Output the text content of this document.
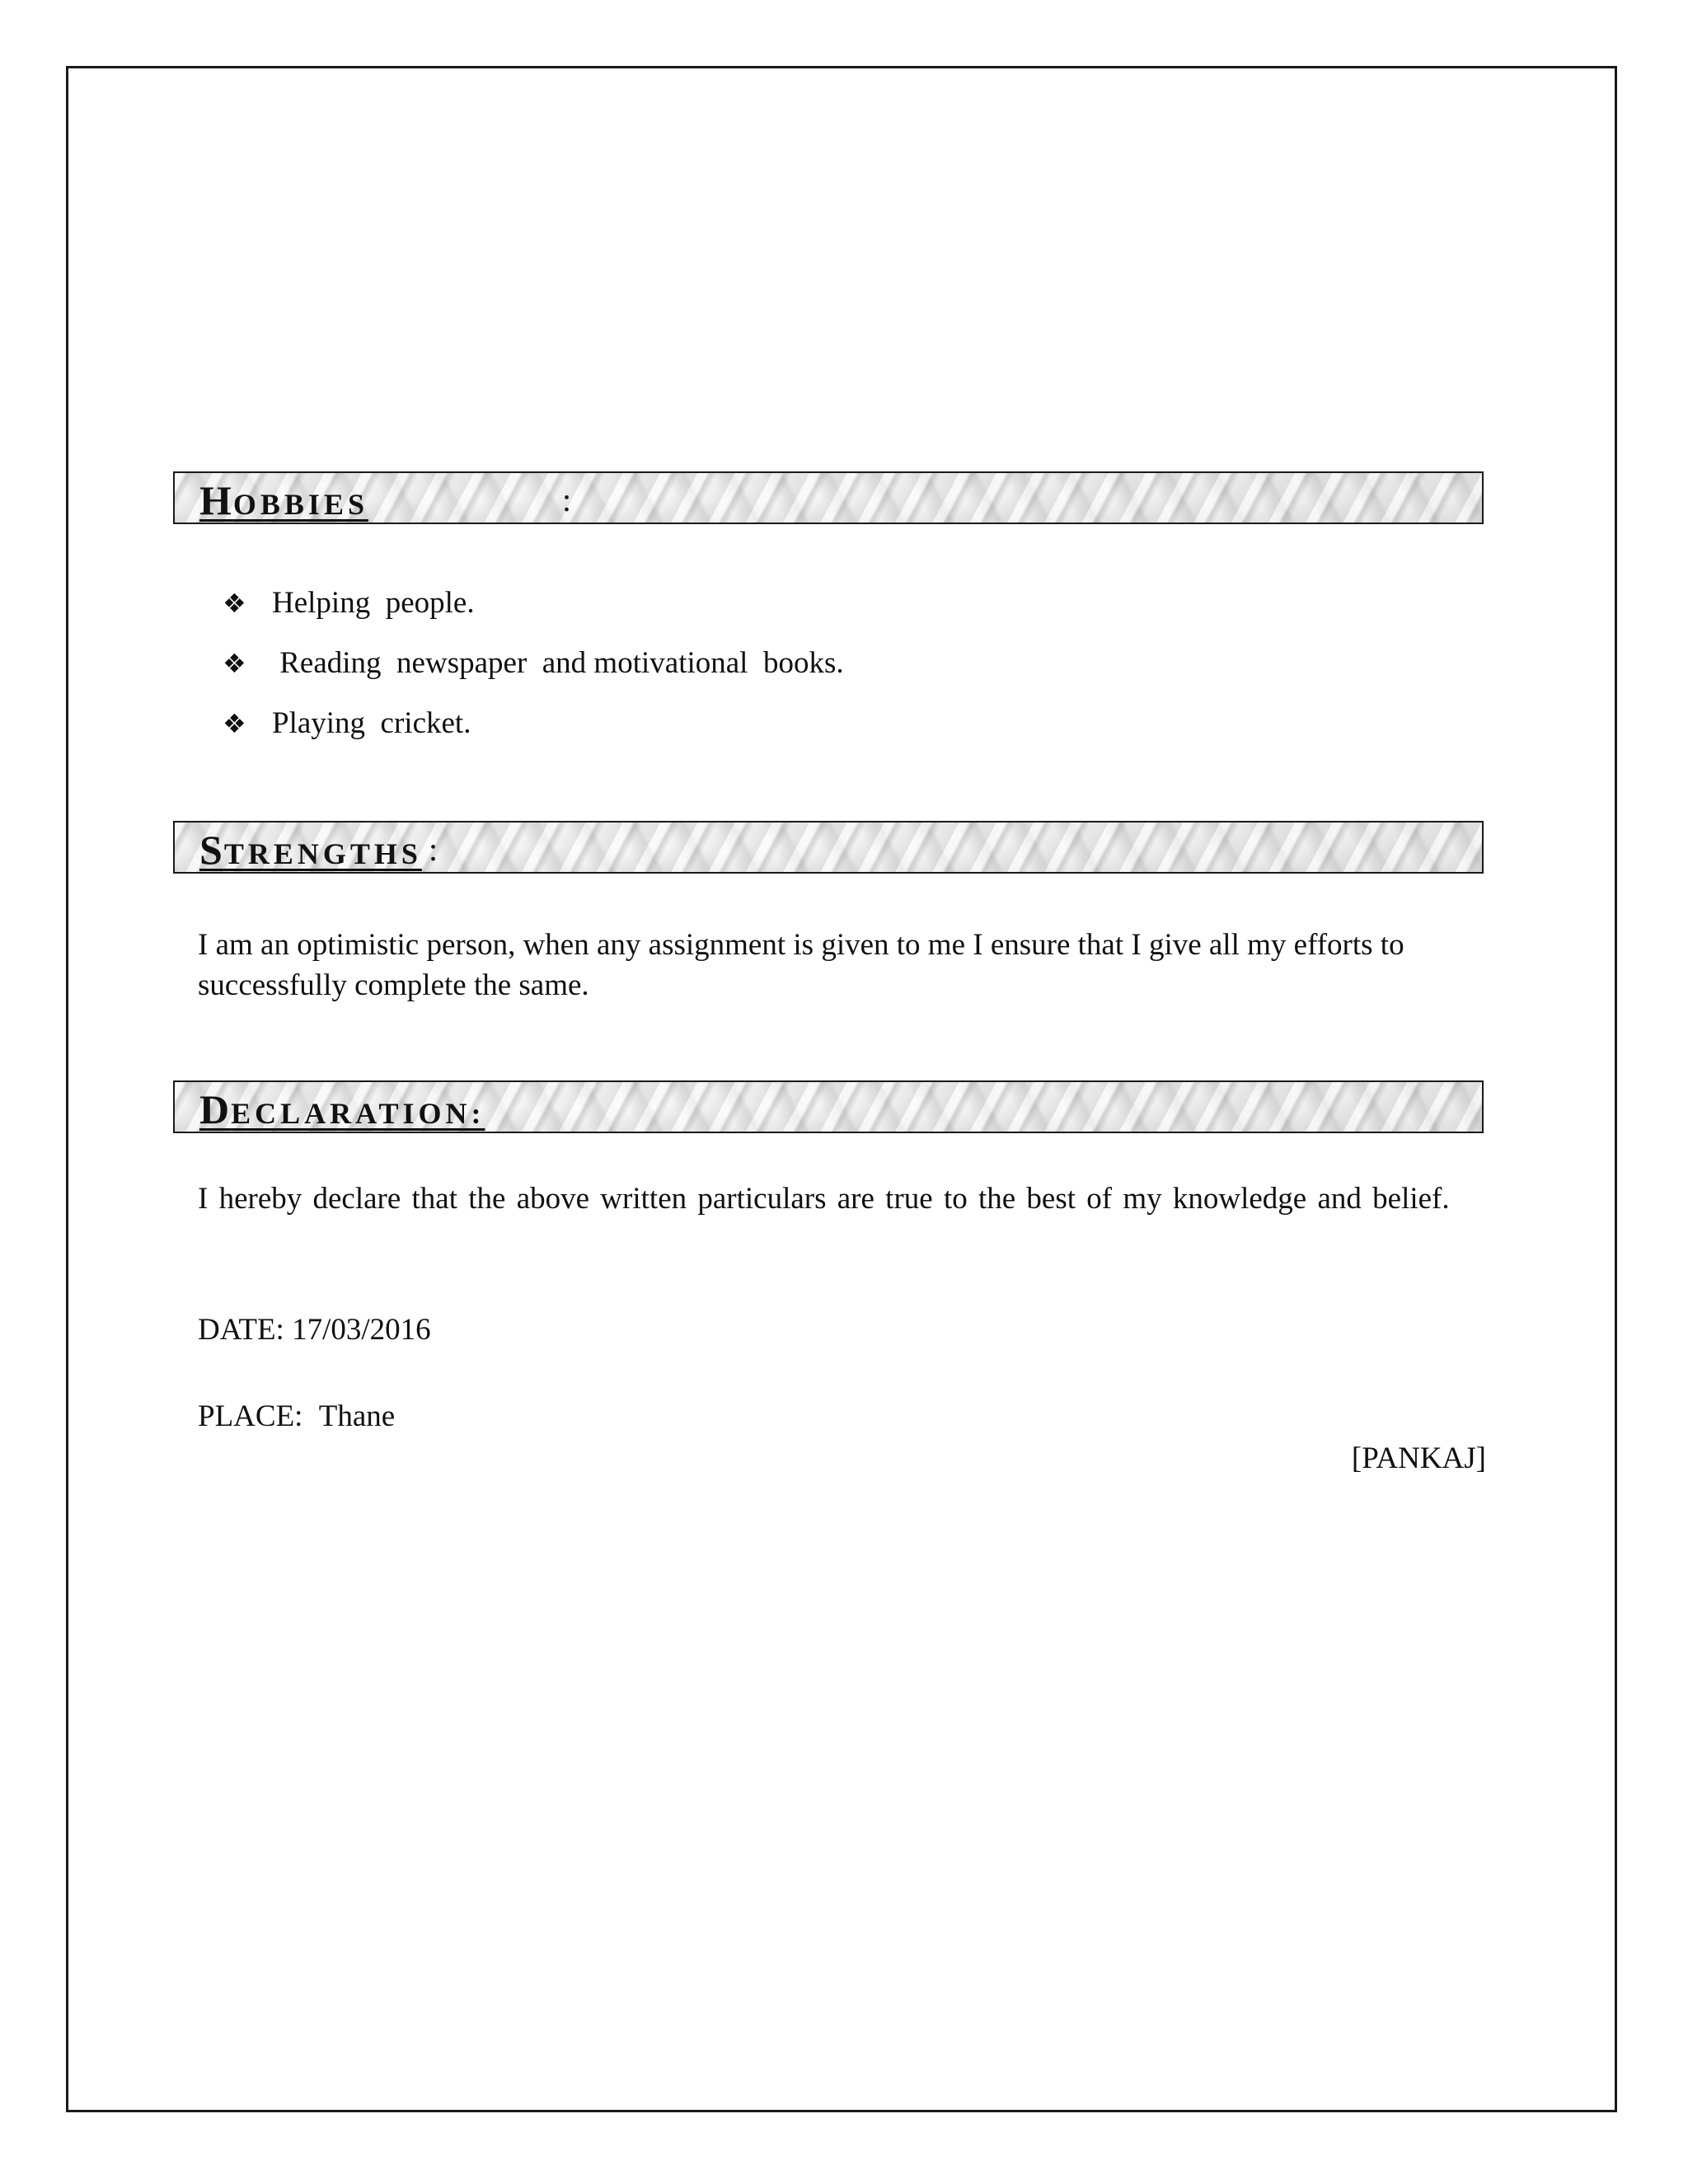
HOBBIES	:
❖ Helping  people.
❖ Reading  newspaper  and motivational  books.
❖ Playing  cricket.
STRENGTHS :

I am an optimistic person, when any assignment is given to me I ensure that I give all my efforts to successfully complete the same.

DECLARATION:

I hereby declare that the above written particulars are true to the best of my knowledge and belief.

DATE: 17/03/2016

PLACE: Thane

[PANKAJ]
